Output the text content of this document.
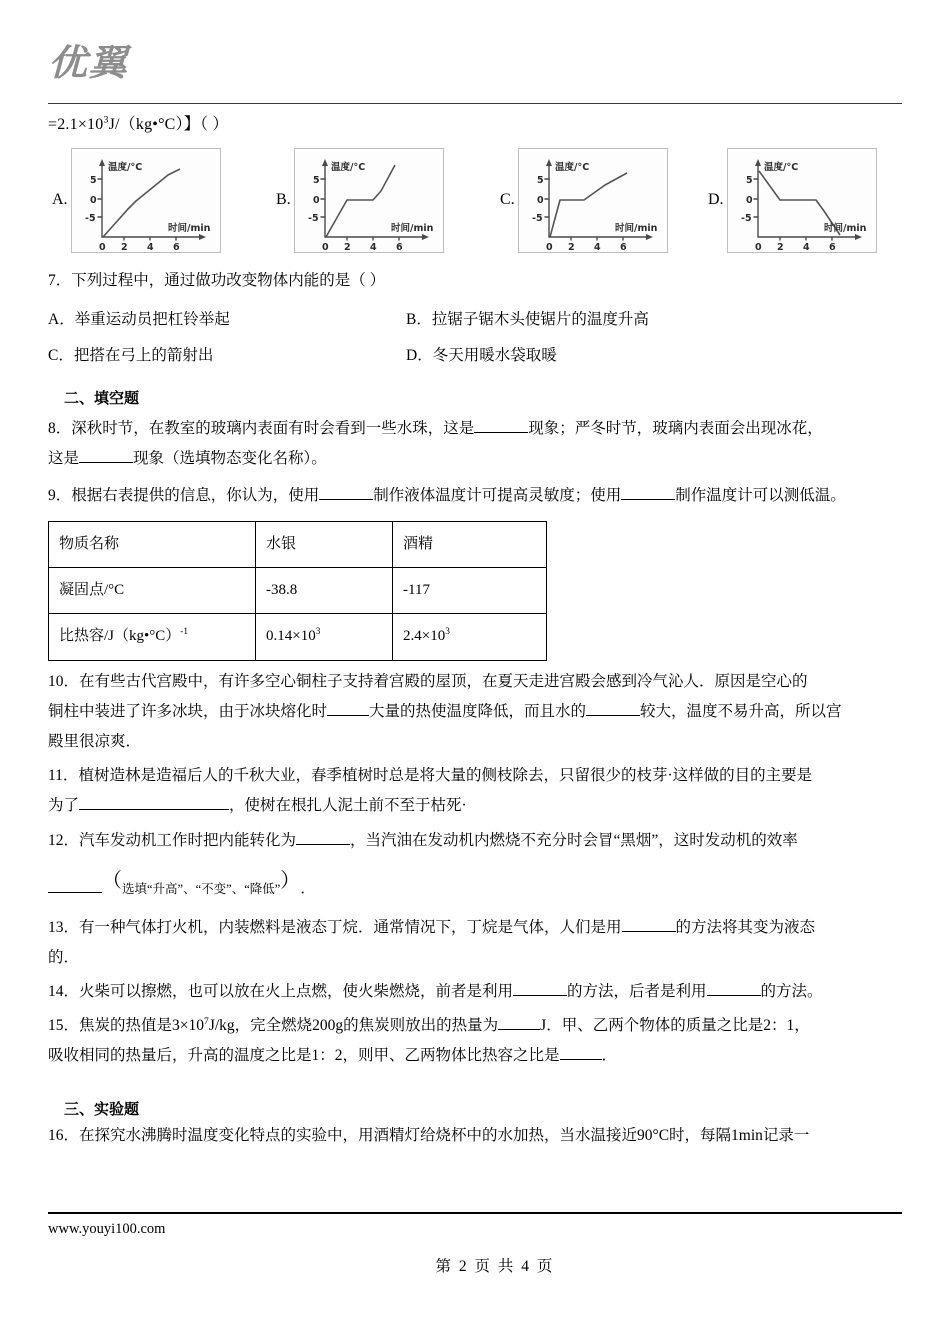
优翼
$=2.1\times 10^3J/(kg•^\circ C)$】（ ）
A.
温度/°C
时间/min
5
0
-5
0 2 4 6
B.
温度/°C
时间/min
5
0
-5
0 2 4 6
C.
温度/°C
时间/min
5
0
-5
0 2 4 6
D.
温度/°C
时间/min
5
0
-5
0 2 4 6
7．下列过程中，通过做功改变物体内能的是（ ）
A．举重运动员把杠铃举起	B．拉锯子锯木头使锯片的温度升高
C．把搭在弓上的箭射出	D．冬天用暖水袋取暖
二、填空题
8．深秋时节，在教室的玻璃内表面有时会看到一些水珠，这是	现象；严冬时节，玻璃内表面会出现冰花，
这是	现象（选填物态变化名称）。
9．根据右表提供的信息，你认为，使用	制作液体温度计可提高灵敏度；使用	制作温度计可以测低温。
物质名称	水银	酒精
凝固点/°C	-38.8	-117
比热容/J（kg•°C）$^{-1}$	$0.14\times 10^3$	$2.4\times 10^3$
10．在有些古代宫殿中，有许多空心铜柱子支持着宫殿的屋顶，在夏天走进宫殿会感到冷气沁人．原因是空心的
铜柱中装进了许多冰块，由于冰块熔化时	大量的热使温度降低，而且水的	较大，温度不易升高，所以宫
殿里很凉爽．
11．植树造林是造福后人的千秋大业，春季植树时总是将大量的侧枝除去，只留很少的枝芽·这样做的目的主要是
为了	，使树在根扎人泥土前不至于枯死·
12．汽车发动机工作时把内能转化为	，当汽油在发动机内燃烧不充分时会冒“黑烟”，这时发动机的效率
（选填“升高”、“不变”、“降低”）．
13．有一种气体打火机，内装燃料是液态丁烷．通常情况下，丁烷是气体，人们是用	的方法将其变为液态
的．
14．火柴可以擦燃，也可以放在火上点燃，使火柴燃烧，前者是利用	的方法，后者是利用	的方法。
15．焦炭的热值是$3\times 10^7J/kg$，完全燃烧200g的焦炭则放出的热量为	J．甲、乙两个物体的质量之比是2：1，
吸收相同的热量后，升高的温度之比是1：2，则甲、乙两物体比热容之比是	．
三、实验题
16．在探究水沸腾时温度变化特点的实验中，用酒精灯给烧杯中的水加热，当水温接近90°C时，每隔1min记录一
www.youyi100.com
第 2 页 共 4 页
